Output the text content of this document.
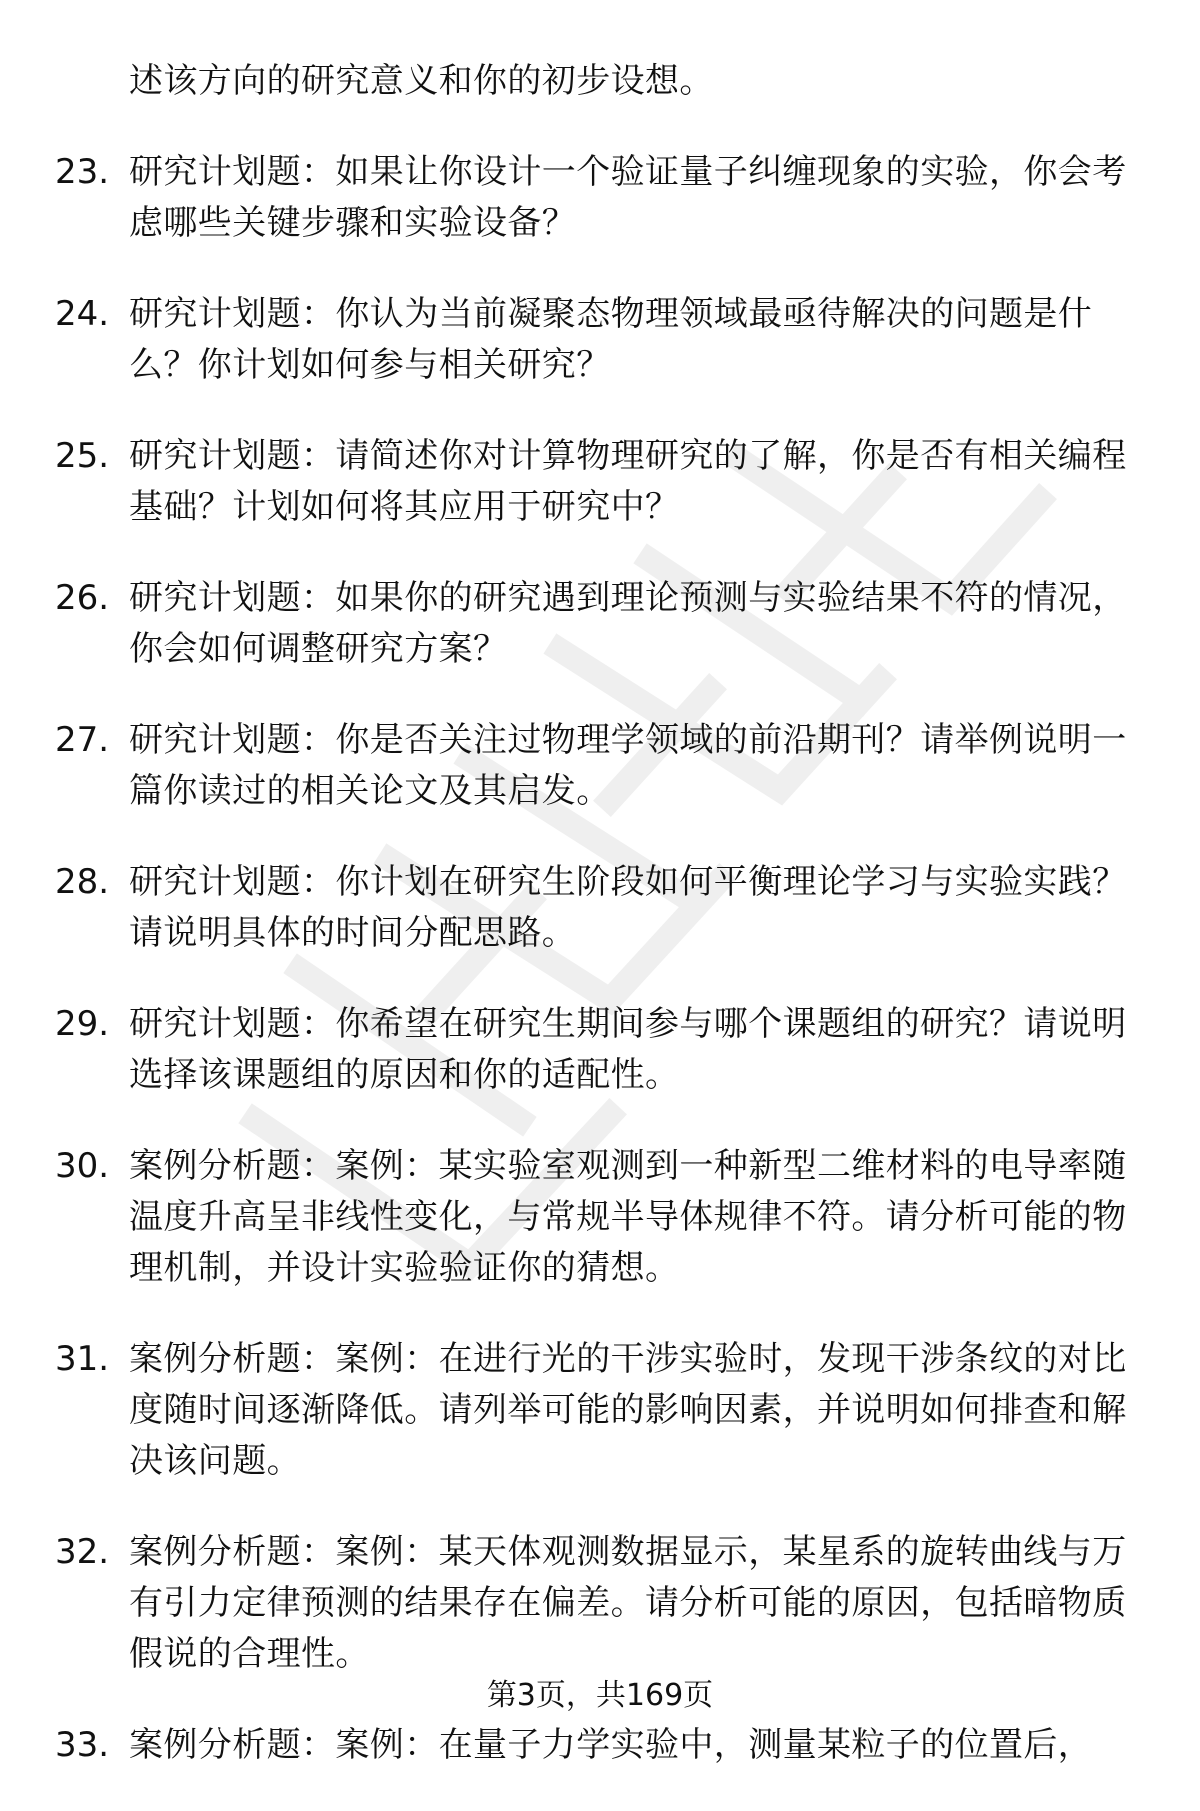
述该方向的研究意义和你的初步设想。
23. 研究计划题：如果让你设计一个验证量子纠缠现象的实验，你会考虑哪些关键步骤和实验设备？
24. 研究计划题：你认为当前凝聚态物理领域最亟待解决的问题是什么？你计划如何参与相关研究？
25. 研究计划题：请简述你对计算物理研究的了解，你是否有相关编程基础？计划如何将其应用于研究中？
26. 研究计划题：如果你的研究遇到理论预测与实验结果不符的情况，你会如何调整研究方案？
27. 研究计划题：你是否关注过物理学领域的前沿期刊？请举例说明一篇你读过的相关论文及其启发。
28. 研究计划题：你计划在研究生阶段如何平衡理论学习与实验实践？请说明具体的时间分配思路。
29. 研究计划题：你希望在研究生期间参与哪个课题组的研究？请说明选择该课题组的原因和你的适配性。
30. 案例分析题：案例：某实验室观测到一种新型二维材料的电导率随温度升高呈非线性变化，与常规半导体规律不符。请分析可能的物理机制，并设计实验验证你的猜想。
31. 案例分析题：案例：在进行光的干涉实验时，发现干涉条纹的对比度随时间逐渐降低。请列举可能的影响因素，并说明如何排查和解决该问题。
32. 案例分析题：案例：某天体观测数据显示，某星系的旋转曲线与万有引力定律预测的结果存在偏差。请分析可能的原因，包括暗物质假说的合理性。
33. 案例分析题：案例：在量子力学实验中，测量某粒子的位置后，
第3页，共169页
